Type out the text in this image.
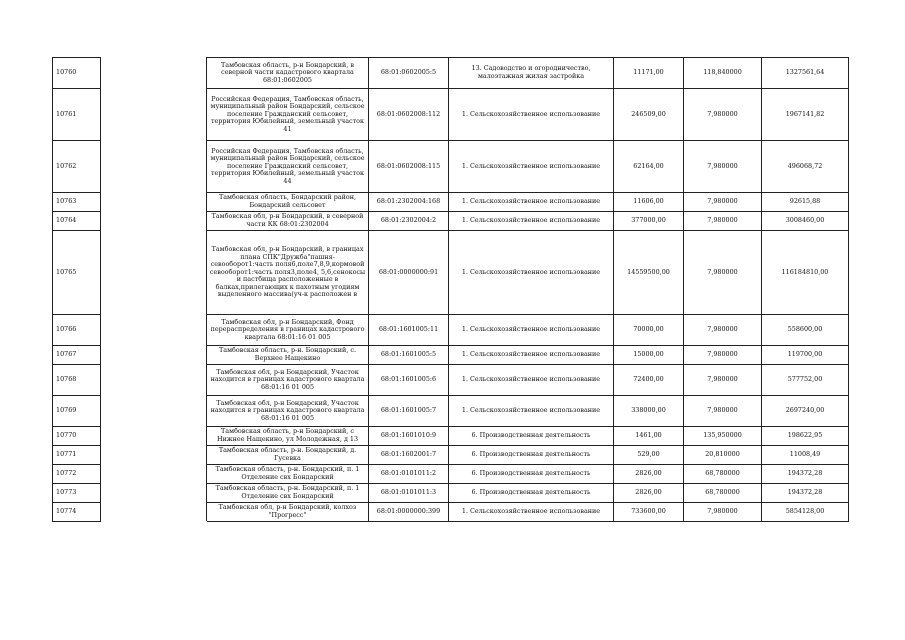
10760		Тамбовская область, р-н Бондарский, в северной части кадастрового квартала 68:01:0602005	68:01:0602005:5	13. Садоводство и огородничество, малоэтажная жилая застройка	11171,00	118,840000	1327561,64
10761		Российская Федерация, Тамбовская область, муниципальный район Бондарский, сельское поселение Гражданский сельсовет, территория Юбилейный, земельный участок 41	68:01:0602008:112	1. Сельскохозяйственное использование	246509,00	7,980000	1967141,82
10762		Российская Федерация, Тамбовская область, муниципальный район Бондарский, сельское поселение Гражданский сельсовет, территория Юбилейный, земельный участок 44	68:01:0602008:115	1. Сельскохозяйственное использование	62164,00	7,980000	496068,72
10763		Тамбовская область, Бондарский район, Бондарский сельсовет	68:01:2302004:168	1. Сельскохозяйственное использование	11606,00	7,980000	92615,88
10764		Тамбовская обл, р-н Бондарский, в северной части КК 68:01:2302004	68:01:2302004:2	1. Сельскохозяйственное использование	377000,00	7,980000	3008460,00
10765		Тамбовская обл, р-н Бондарский, в границах плана СПК"Дружба"пашня-севооборот1:часть поля6,поле7,8,9,кормовой севооборот1:часть поля3,поле4, 5,6,сенокосы и пастбища расположенные в балках,прилегающих к пахотным угодиям выделенного массива(уч-к расположен в	68:01:0000000:91	1. Сельскохозяйственное использование	14559500,00	7,980000	116184810,00
10766		Тамбовская обл, р-н Бондарский, Фонд перераспределения в границах кадастрового квартала 68:01:16 01 005	68:01:1601005:11	1. Сельскохозяйственное использование	70000,00	7,980000	558600,00
10767		Тамбовская область, р-н. Бондарский, с. Верхнее Нащекино	68:01:1601005:5	1. Сельскохозяйственное использование	15000,00	7,980000	119700,00
10768		Тамбовская обл, р-н Бондарский, Участок находится в границах кадастрового квартала 68:01:16 01 005	68:01:1601005:6	1. Сельскохозяйственное использование	72400,00	7,980000	577752,00
10769		Тамбовская обл, р-н Бондарский, Участок находится в границах кадастрового квартала 68:01:16 01 005	68:01:1601005:7	1. Сельскохозяйственное использование	338000,00	7,980000	2697240,00
10770		Тамбовская область, р-н Бондарский, с Нижнее Нащекино, ул Молодежная, д 13	68:01:1601010:9	6. Производственная деятельность	1461,00	135,950000	198622,95
10771		Тамбовская область, р-н. Бондарский, д. Гусевка	68:01:1602001:7	6. Производственная деятельность	529,00	20,810000	11008,49
10772		Тамбовская область, р-н. Бондарский, п. 1 Отделение свх Бондарский	68:01:0101011:2	6. Производственная деятельность	2826,00	68,780000	194372,28
10773		Тамбовская область, р-н. Бондарский, п. 1 Отделение свх Бондарский	68:01:0101011:3	6. Производственная деятельность	2826,00	68,780000	194372,28
10774		Тамбовская обл, р-н Бондарский, колхоз "Прогресс"	68:01:0000000:399	1. Сельскохозяйственное использование	733600,00	7,980000	5854128,00
